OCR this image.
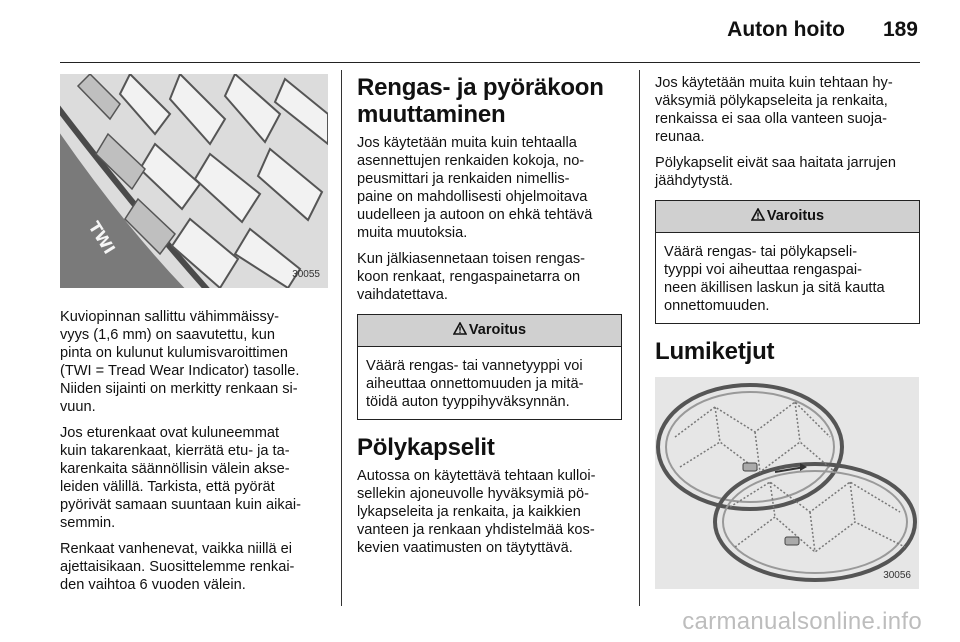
Auton hoito 189
TWI
30055

Kuviopinnan sallittu vähimmäissy-
vyys (1,6 mm) on saavutettu, kun
pinta on kulunut kulumisvaroittimen
(TWI = Tread Wear Indicator) tasolle.
Niiden sijainti on merkitty renkaan si-
vuun.

Jos eturenkaat ovat kuluneemmat
kuin takarenkaat, kierrätä etu- ja ta-
karenkaita säännöllisin välein akse-
leiden välillä. Tarkista, että pyörät
pyörivät samaan suuntaan kuin aikai-
semmin.

Renkaat vanhenevat, vaikka niillä ei
ajettaisikaan. Suosittelemme renkai-
den vaihtoa 6 vuoden välein.

Rengas- ja pyöräkoon
muuttaminen

Jos käytetään muita kuin tehtaalla
asennettujen renkaiden kokoja, no-
peusmittari ja renkaiden nimellis-
paine on mahdollisesti ohjelmoitava
uudelleen ja autoon on ehkä tehtävä
muita muutoksia.

Kun jälkiasennetaan toisen rengas-
koon renkaat, rengaspainetarra on
vaihdatettava.

Varoitus
Väärä rengas- tai vannetyyppi voi
aiheuttaa onnettomuuden ja mitä-
töidä auton tyyppihyväksynnän.
Pölykapselit

Autossa on käytettävä tehtaan kulloi-
sellekin ajoneuvolle hyväksymiä pö-
lykapseleita ja renkaita, ja kaikkien
vanteen ja renkaan yhdistelmää kos-
kevien vaatimusten on täytyttävä.

Jos käytetään muita kuin tehtaan hy-
väksymiä pölykapseleita ja renkaita,
renkaissa ei saa olla vanteen suoja-
reunaa.

Pölykapselit eivät saa haitata jarrujen
jäähdytystä.

Varoitus
Väärä rengas- tai pölykapseli-
tyyppi voi aiheuttaa rengaspai-
neen äkillisen laskun ja sitä kautta
onnettomuuden.
Lumiketjut
30056
carmanualsonline.info
